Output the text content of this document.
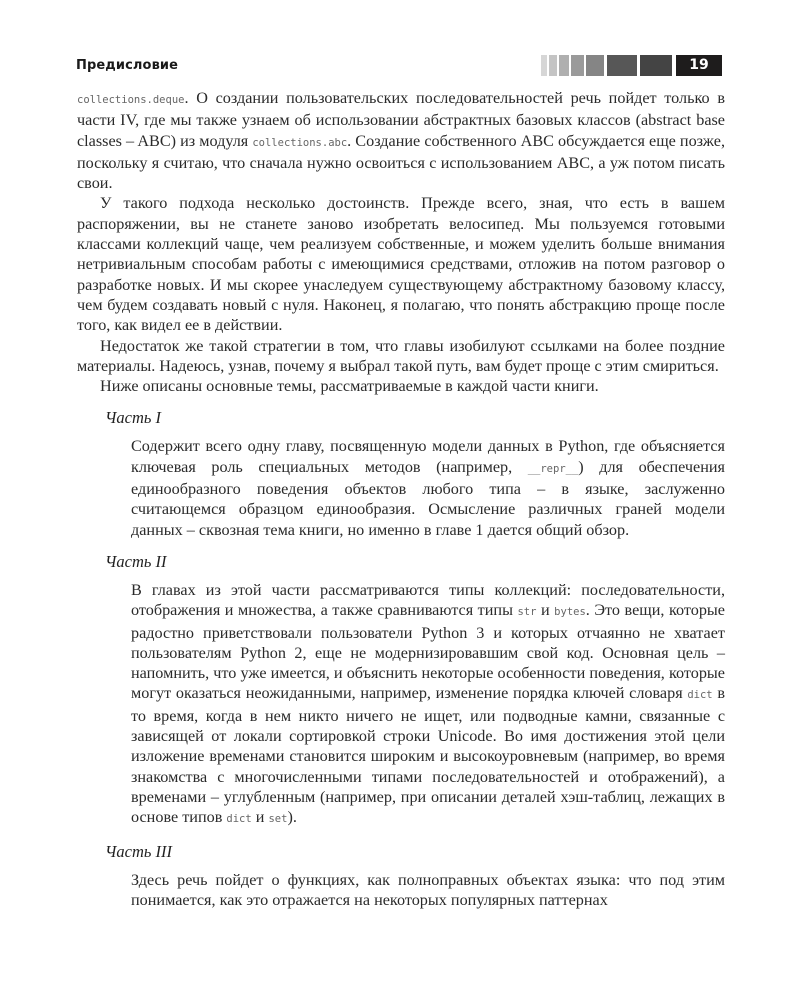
Предисловие	19

collections.deque. О создании пользовательских последовательностей речь пойдет только в части IV, где мы также узнаем об использовании абстрактных базовых классов (abstract base classes – ABC) из модуля collections.abc. Создание собственного ABC обсуждается еще позже, поскольку я считаю, что сначала нужно освоиться с использованием ABC, а уж потом писать свои.

У такого подхода несколько достоинств. Прежде всего, зная, что есть в вашем распоряжении, вы не станете заново изобретать велосипед. Мы пользуемся готовыми классами коллекций чаще, чем реализуем собственные, и можем уделить больше внимания нетривиальным способам работы с имеющимися средствами, отложив на потом разговор о разработке новых. И мы скорее унаследуем существующему абстрактному базовому классу, чем будем создавать новый с нуля. Наконец, я полагаю, что понять абстракцию проще после того, как видел ее в действии.

Недостаток же такой стратегии в том, что главы изобилуют ссылками на более поздние материалы. Надеюсь, узнав, почему я выбрал такой путь, вам будет проще с этим смириться.

Ниже описаны основные темы, рассматриваемые в каждой части книги.

Часть I

Содержит всего одну главу, посвященную модели данных в Python, где объясняется ключевая роль специальных методов (например, __repr__) для обеспечения единообразного поведения объектов любого типа – в языке, заслуженно считающемся образцом единообразия. Осмысление различных граней модели данных – сквозная тема книги, но именно в главе 1 дается общий обзор.

Часть II

В главах из этой части рассматриваются типы коллекций: последовательности, отображения и множества, а также сравниваются типы str и bytes. Это вещи, которые радостно приветствовали пользователи Python 3 и которых отчаянно не хватает пользователям Python 2, еще не модернизировавшим свой код. Основная цель – напомнить, что уже имеется, и объяснить некоторые особенности поведения, которые могут оказаться неожиданными, например, изменение порядка ключей словаря dict в то время, когда в нем никто ничего не ищет, или подводные камни, связанные с зависящей от локали сортировкой строки Unicode. Во имя достижения этой цели изложение временами становится широким и высокоуровневым (например, во время знакомства с многочисленными типами последовательностей и отображений), а временами – углубленным (например, при описании деталей хэш-таблиц, лежащих в основе типов dict и set).

Часть III

Здесь речь пойдет о функциях, как полноправных объектах языка: что под этим понимается, как это отражается на некоторых популярных паттернах
